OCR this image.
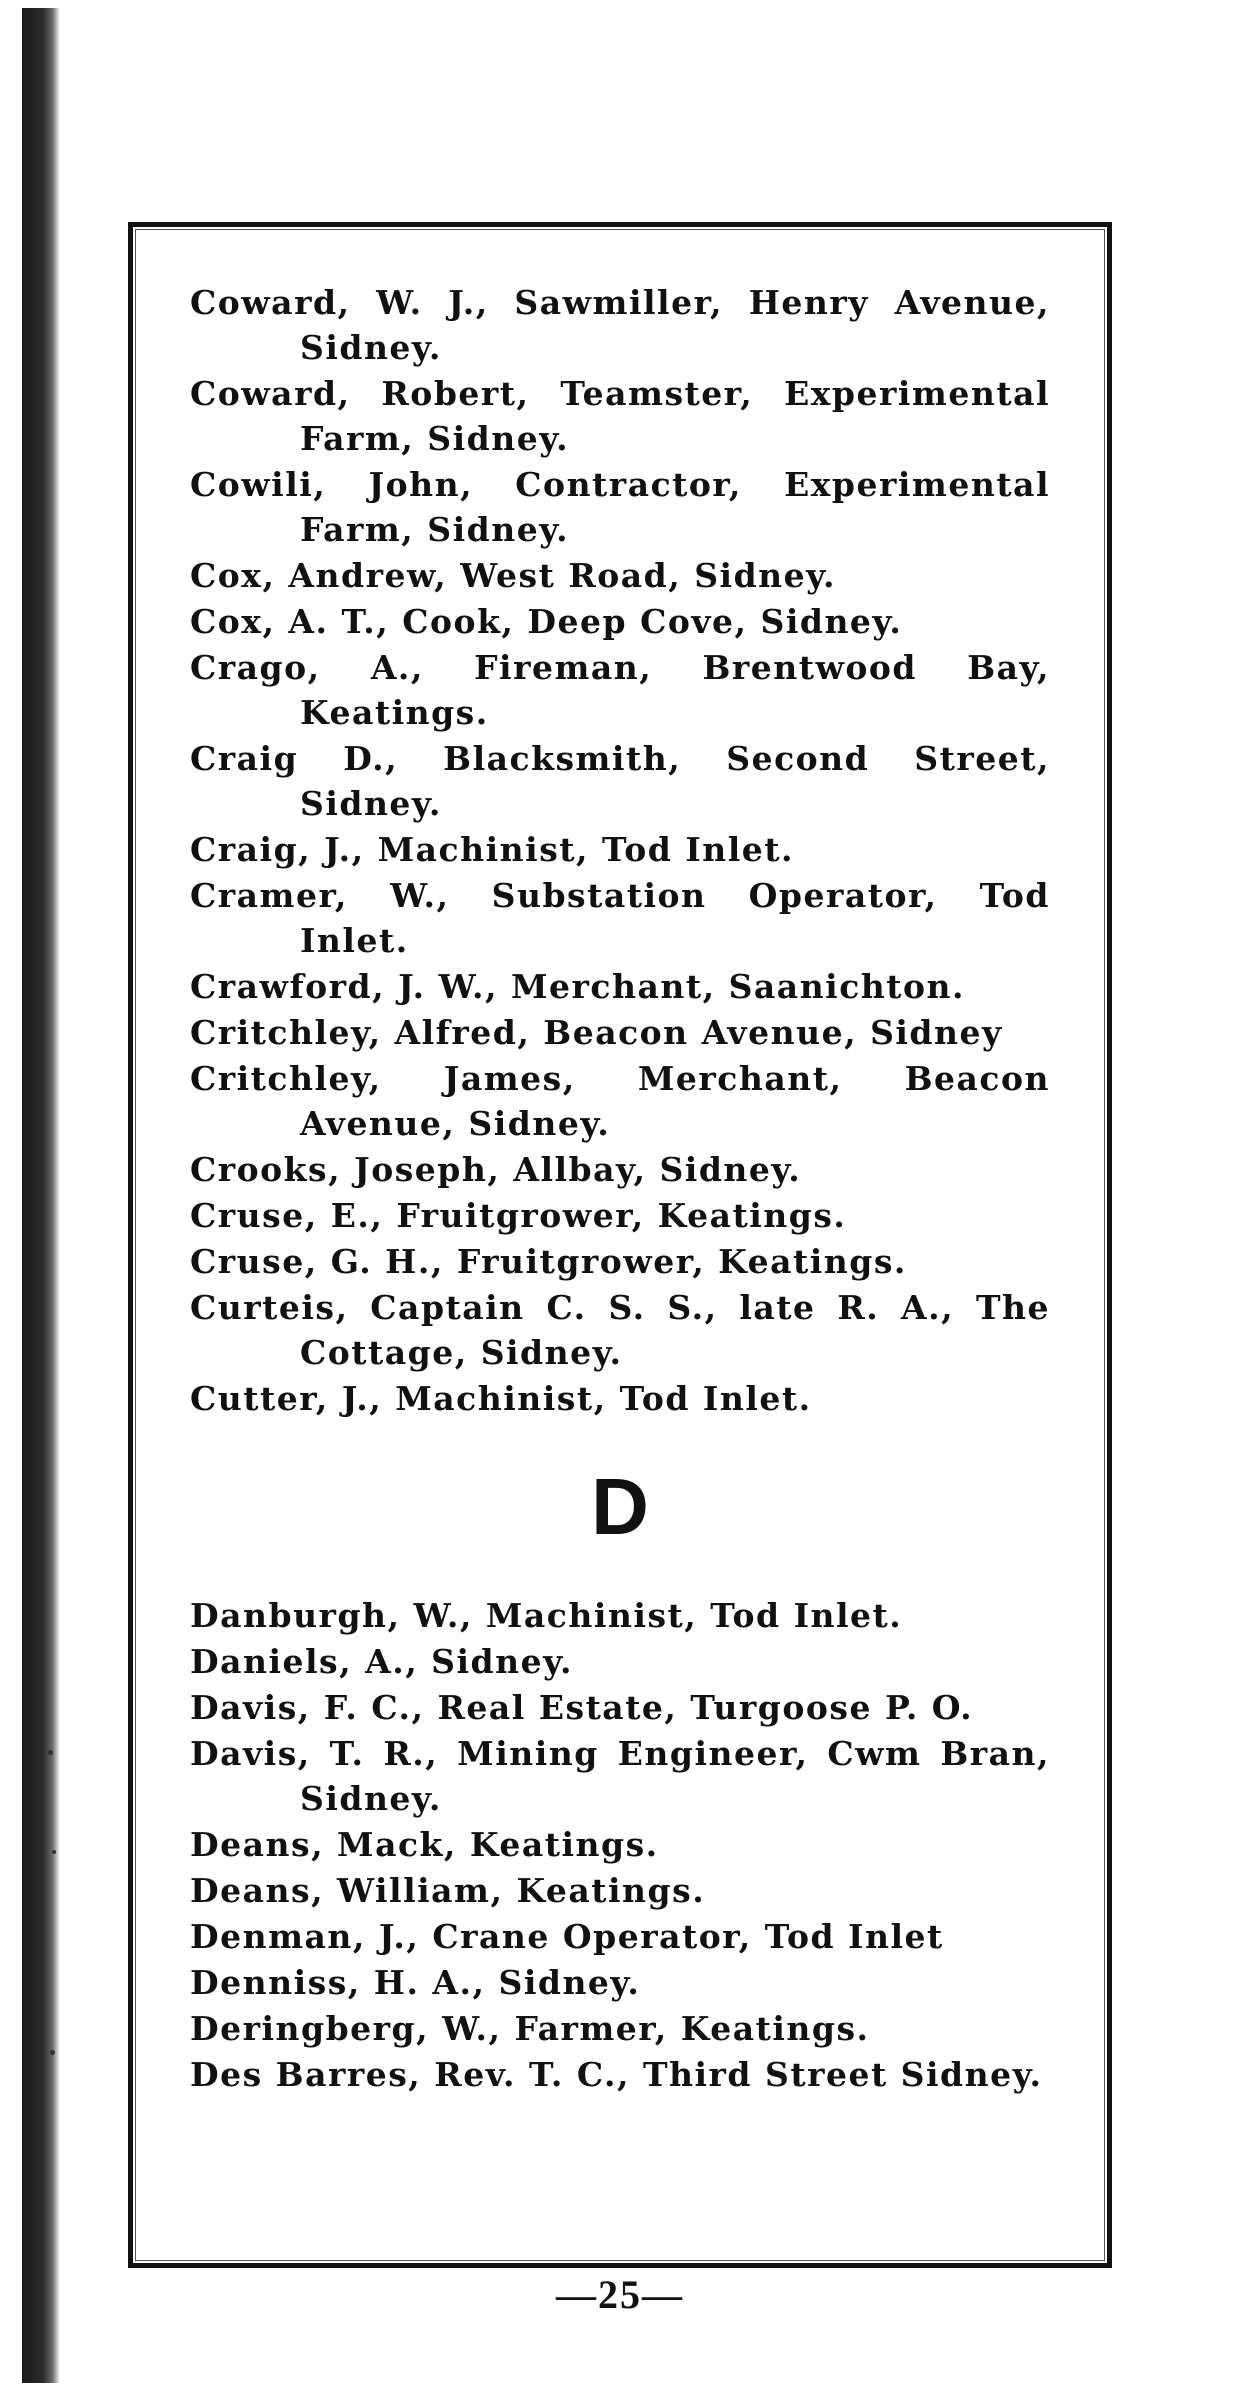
Coward, W. J., Sawmiller, Henry Avenue, Sidney.

Coward, Robert, Teamster, Experimental Farm, Sidney.

Cowili, John, Contractor, Experimental Farm, Sidney.

Cox, Andrew, West Road, Sidney.

Cox, A. T., Cook, Deep Cove, Sidney.

Crago, A., Fireman, Brentwood Bay, Keatings.

Craig D., Blacksmith, Second Street, Sidney.

Craig, J., Machinist, Tod Inlet.

Cramer, W., Substation Operator, Tod Inlet.

Crawford, J. W., Merchant, Saanichton.

Critchley, Alfred, Beacon Avenue, Sidney

Critchley, James, Merchant, Beacon Avenue, Sidney.

Crooks, Joseph, Allbay, Sidney.

Cruse, E., Fruitgrower, Keatings.

Cruse, G. H., Fruitgrower, Keatings.

Curteis, Captain C. S. S., late R. A., The Cottage, Sidney.

Cutter, J., Machinist, Tod Inlet.

D

Danburgh, W., Machinist, Tod Inlet.

Daniels, A., Sidney.

Davis, F. C., Real Estate, Turgoose P. O.

Davis, T. R., Mining Engineer, Cwm Bran, Sidney.

Deans, Mack, Keatings.

Deans, William, Keatings.

Denman, J., Crane Operator, Tod Inlet

Denniss, H. A., Sidney.

Deringberg, W., Farmer, Keatings.

Des Barres, Rev. T. C., Third Street Sidney.

—25—
